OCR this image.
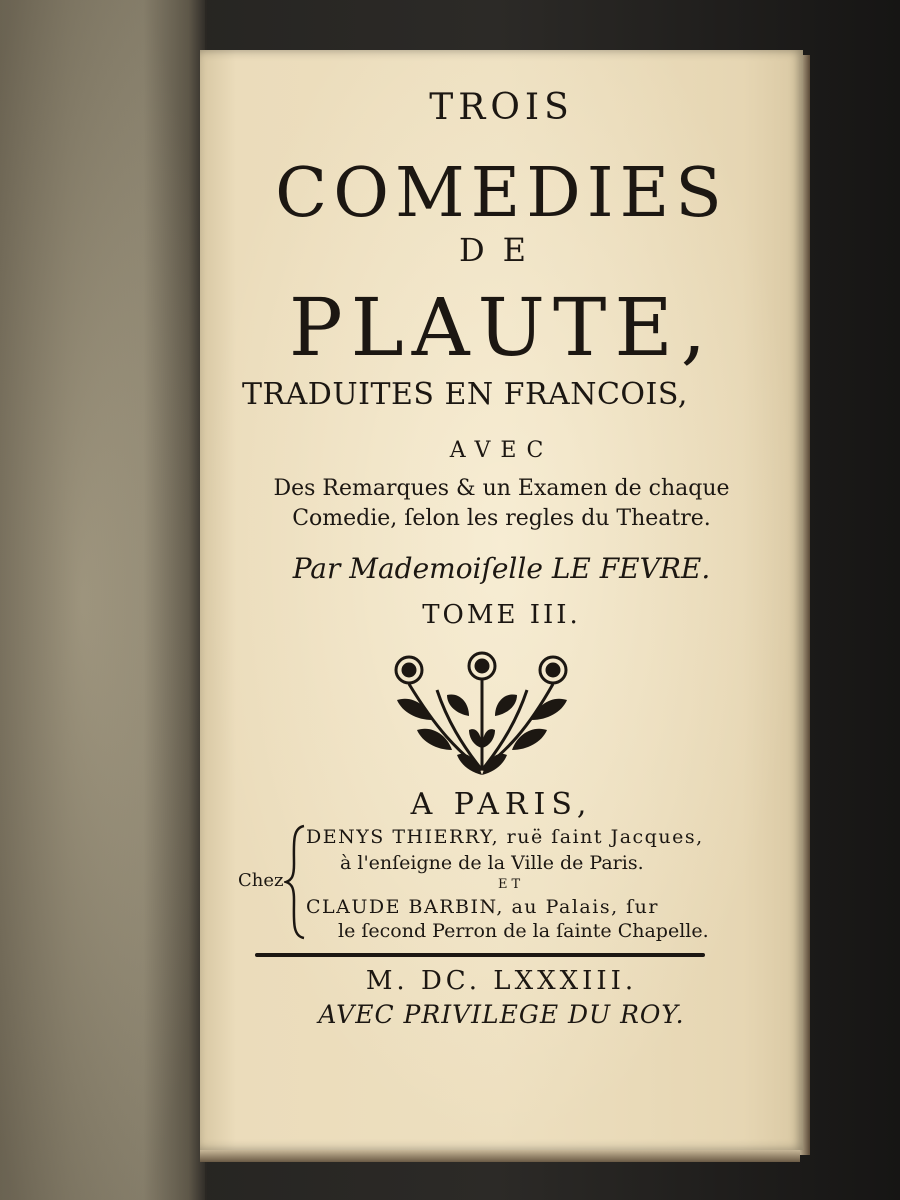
TROIS
COMEDIES
DE
PLAUTE,
TRADUITES EN FRANCOIS,
AVEC
Des Remarques & un Examen de chaque
Comedie, ſelon les regles du Theatre.
Par Mademoiſelle LE FEVRE.
TOME III.
A PARIS,
Chez
DENYS THIERRY, ruë ſaint Jacques,
à l'enſeigne de la Ville de Paris.
ET
CLAUDE BARBIN, au Palais, ſur
le ſecond Perron de la ſainte Chapelle.
M. DC. LXXXIII.
AVEC PRIVILEGE DU ROY.
